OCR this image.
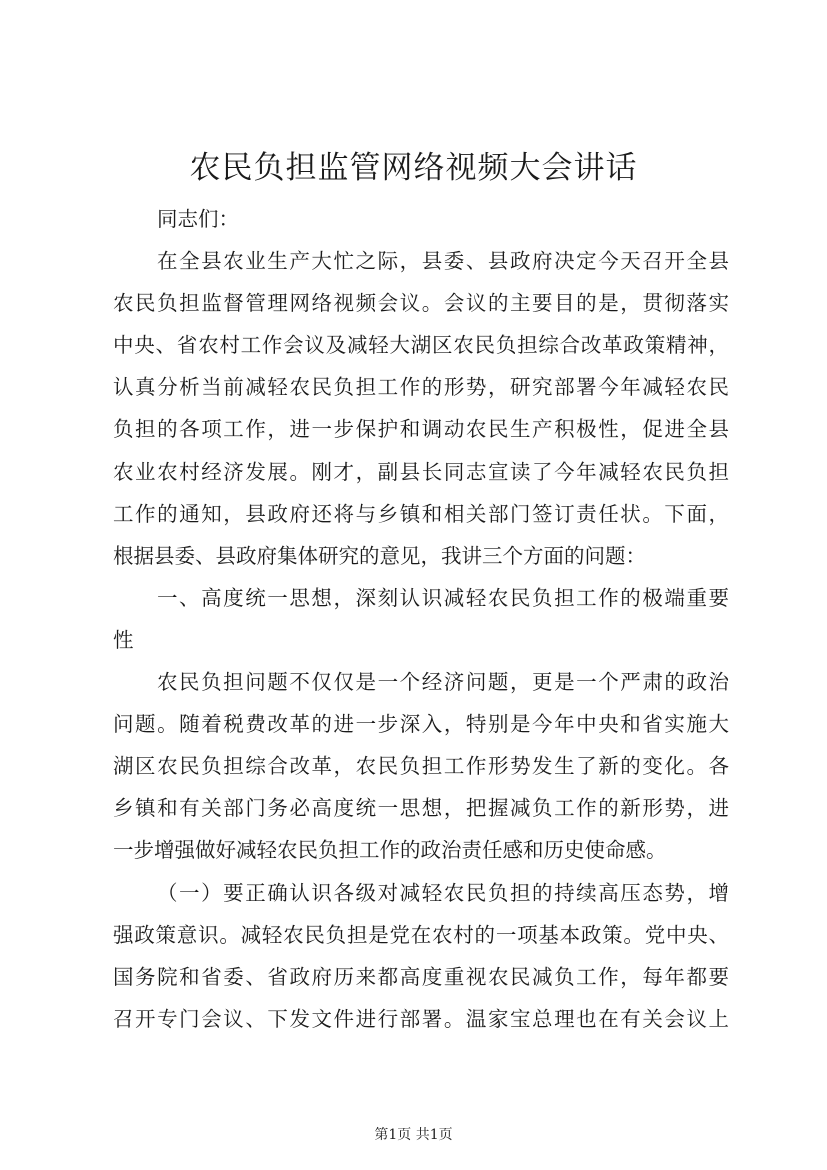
农民负担监管网络视频大会讲话
同志们：
在全县农业生产大忙之际，县委、县政府决定今天召开全县
农民负担监督管理网络视频会议。会议的主要目的是，贯彻落实
中央、省农村工作会议及减轻大湖区农民负担综合改革政策精神，
认真分析当前减轻农民负担工作的形势，研究部署今年减轻农民
负担的各项工作，进一步保护和调动农民生产积极性，促进全县
农业农村经济发展。刚才，副县长同志宣读了今年减轻农民负担
工作的通知，县政府还将与乡镇和相关部门签订责任状。下面，
根据县委、县政府集体研究的意见，我讲三个方面的问题：
一、高度统一思想，深刻认识减轻农民负担工作的极端重要
性
农民负担问题不仅仅是一个经济问题，更是一个严肃的政治
问题。随着税费改革的进一步深入，特别是今年中央和省实施大
湖区农民负担综合改革，农民负担工作形势发生了新的变化。各
乡镇和有关部门务必高度统一思想，把握减负工作的新形势，进
一步增强做好减轻农民负担工作的政治责任感和历史使命感。
（一）要正确认识各级对减轻农民负担的持续高压态势，增
强政策意识。减轻农民负担是党在农村的一项基本政策。党中央、
国务院和省委、省政府历来都高度重视农民减负工作，每年都要
召开专门会议、下发文件进行部署。温家宝总理也在有关会议上
第1页 共1页
